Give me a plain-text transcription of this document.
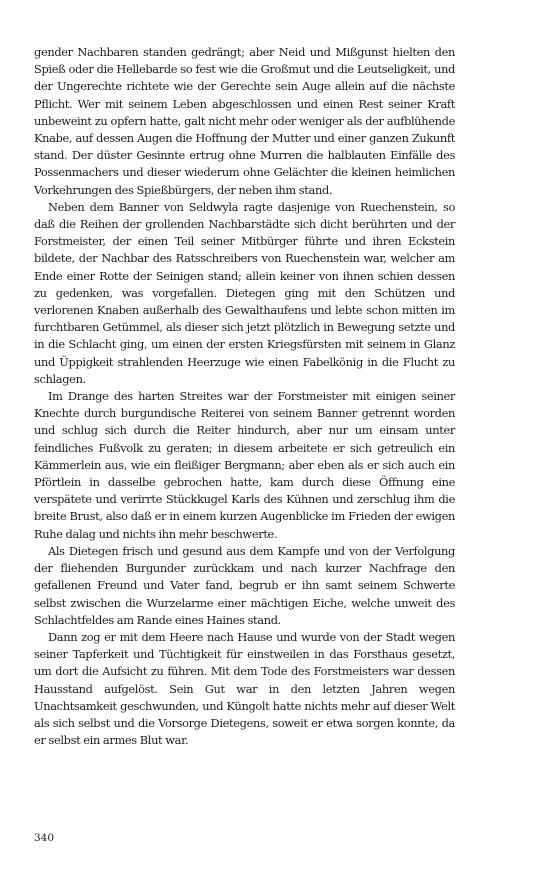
gender Nachbaren standen gedrängt; aber Neid und Mißgunst hielten den Spieß oder die Hellebarde so fest wie die Großmut und die Leutseligkeit, und der Ungerechte richtete wie der Gerechte sein Auge allein auf die nächste Pflicht. Wer mit seinem Leben abgeschlossen und einen Rest seiner Kraft unbeweint zu opfern hatte, galt nicht mehr oder weniger als der aufblühende Knabe, auf dessen Augen die Hoffnung der Mutter und einer ganzen Zukunft stand. Der düster Gesinnte ertrug ohne Murren die halblauten Einfälle des Possenmachers und dieser wiederum ohne Gelächter die kleinen heimlichen Vorkehrungen des Spießbürgers, der neben ihm stand.

Neben dem Banner von Seldwyla ragte dasjenige von Ruechenstein, so daß die Reihen der grollenden Nachbarstädte sich dicht berührten und der Forstmeister, der einen Teil seiner Mitbürger führte und ihren Eckstein bildete, der Nachbar des Ratsschreibers von Ruechenstein war, welcher am Ende einer Rotte der Seinigen stand; allein keiner von ihnen schien dessen zu gedenken, was vorgefallen. Dietegen ging mit den Schützen und verlorenen Knaben außerhalb des Gewalthaufens und lebte schon mitten im furchtbaren Getümmel, als dieser sich jetzt plötzlich in Bewegung setzte und in die Schlacht ging, um einen der ersten Kriegsfürsten mit seinem in Glanz und Üppigkeit strahlenden Heerzuge wie einen Fabelkönig in die Flucht zu schlagen.

Im Drange des harten Streites war der Forstmeister mit einigen seiner Knechte durch burgundische Reiterei von seinem Banner getrennt worden und schlug sich durch die Reiter hindurch, aber nur um einsam unter feindliches Fußvolk zu geraten; in diesem arbeitete er sich getreulich ein Kämmerlein aus, wie ein fleißiger Bergmann; aber eben als er sich auch ein Pförtlein in dasselbe gebrochen hatte, kam durch diese Öffnung eine verspätete und verirrte Stückkugel Karls des Kühnen und zerschlug ihm die breite Brust, also daß er in einem kurzen Augenblicke im Frieden der ewigen Ruhe dalag und nichts ihn mehr beschwerte.

Als Dietegen frisch und gesund aus dem Kampfe und von der Verfolgung der fliehenden Burgunder zurückkam und nach kurzer Nachfrage den gefallenen Freund und Vater fand, begrub er ihn samt seinem Schwerte selbst zwischen die Wurzelarme einer mächtigen Eiche, welche unweit des Schlachtfeldes am Rande eines Haines stand.

Dann zog er mit dem Heere nach Hause und wurde von der Stadt wegen seiner Tapferkeit und Tüchtigkeit für einstweilen in das Forsthaus gesetzt, um dort die Aufsicht zu führen. Mit dem Tode des Forstmeisters war dessen Hausstand aufgelöst. Sein Gut war in den letzten Jahren wegen Unachtsamkeit geschwunden, und Küngolt hatte nichts mehr auf dieser Welt als sich selbst und die Vorsorge Dietegens, soweit er etwa sorgen konnte, da er selbst ein armes Blut war.

340
